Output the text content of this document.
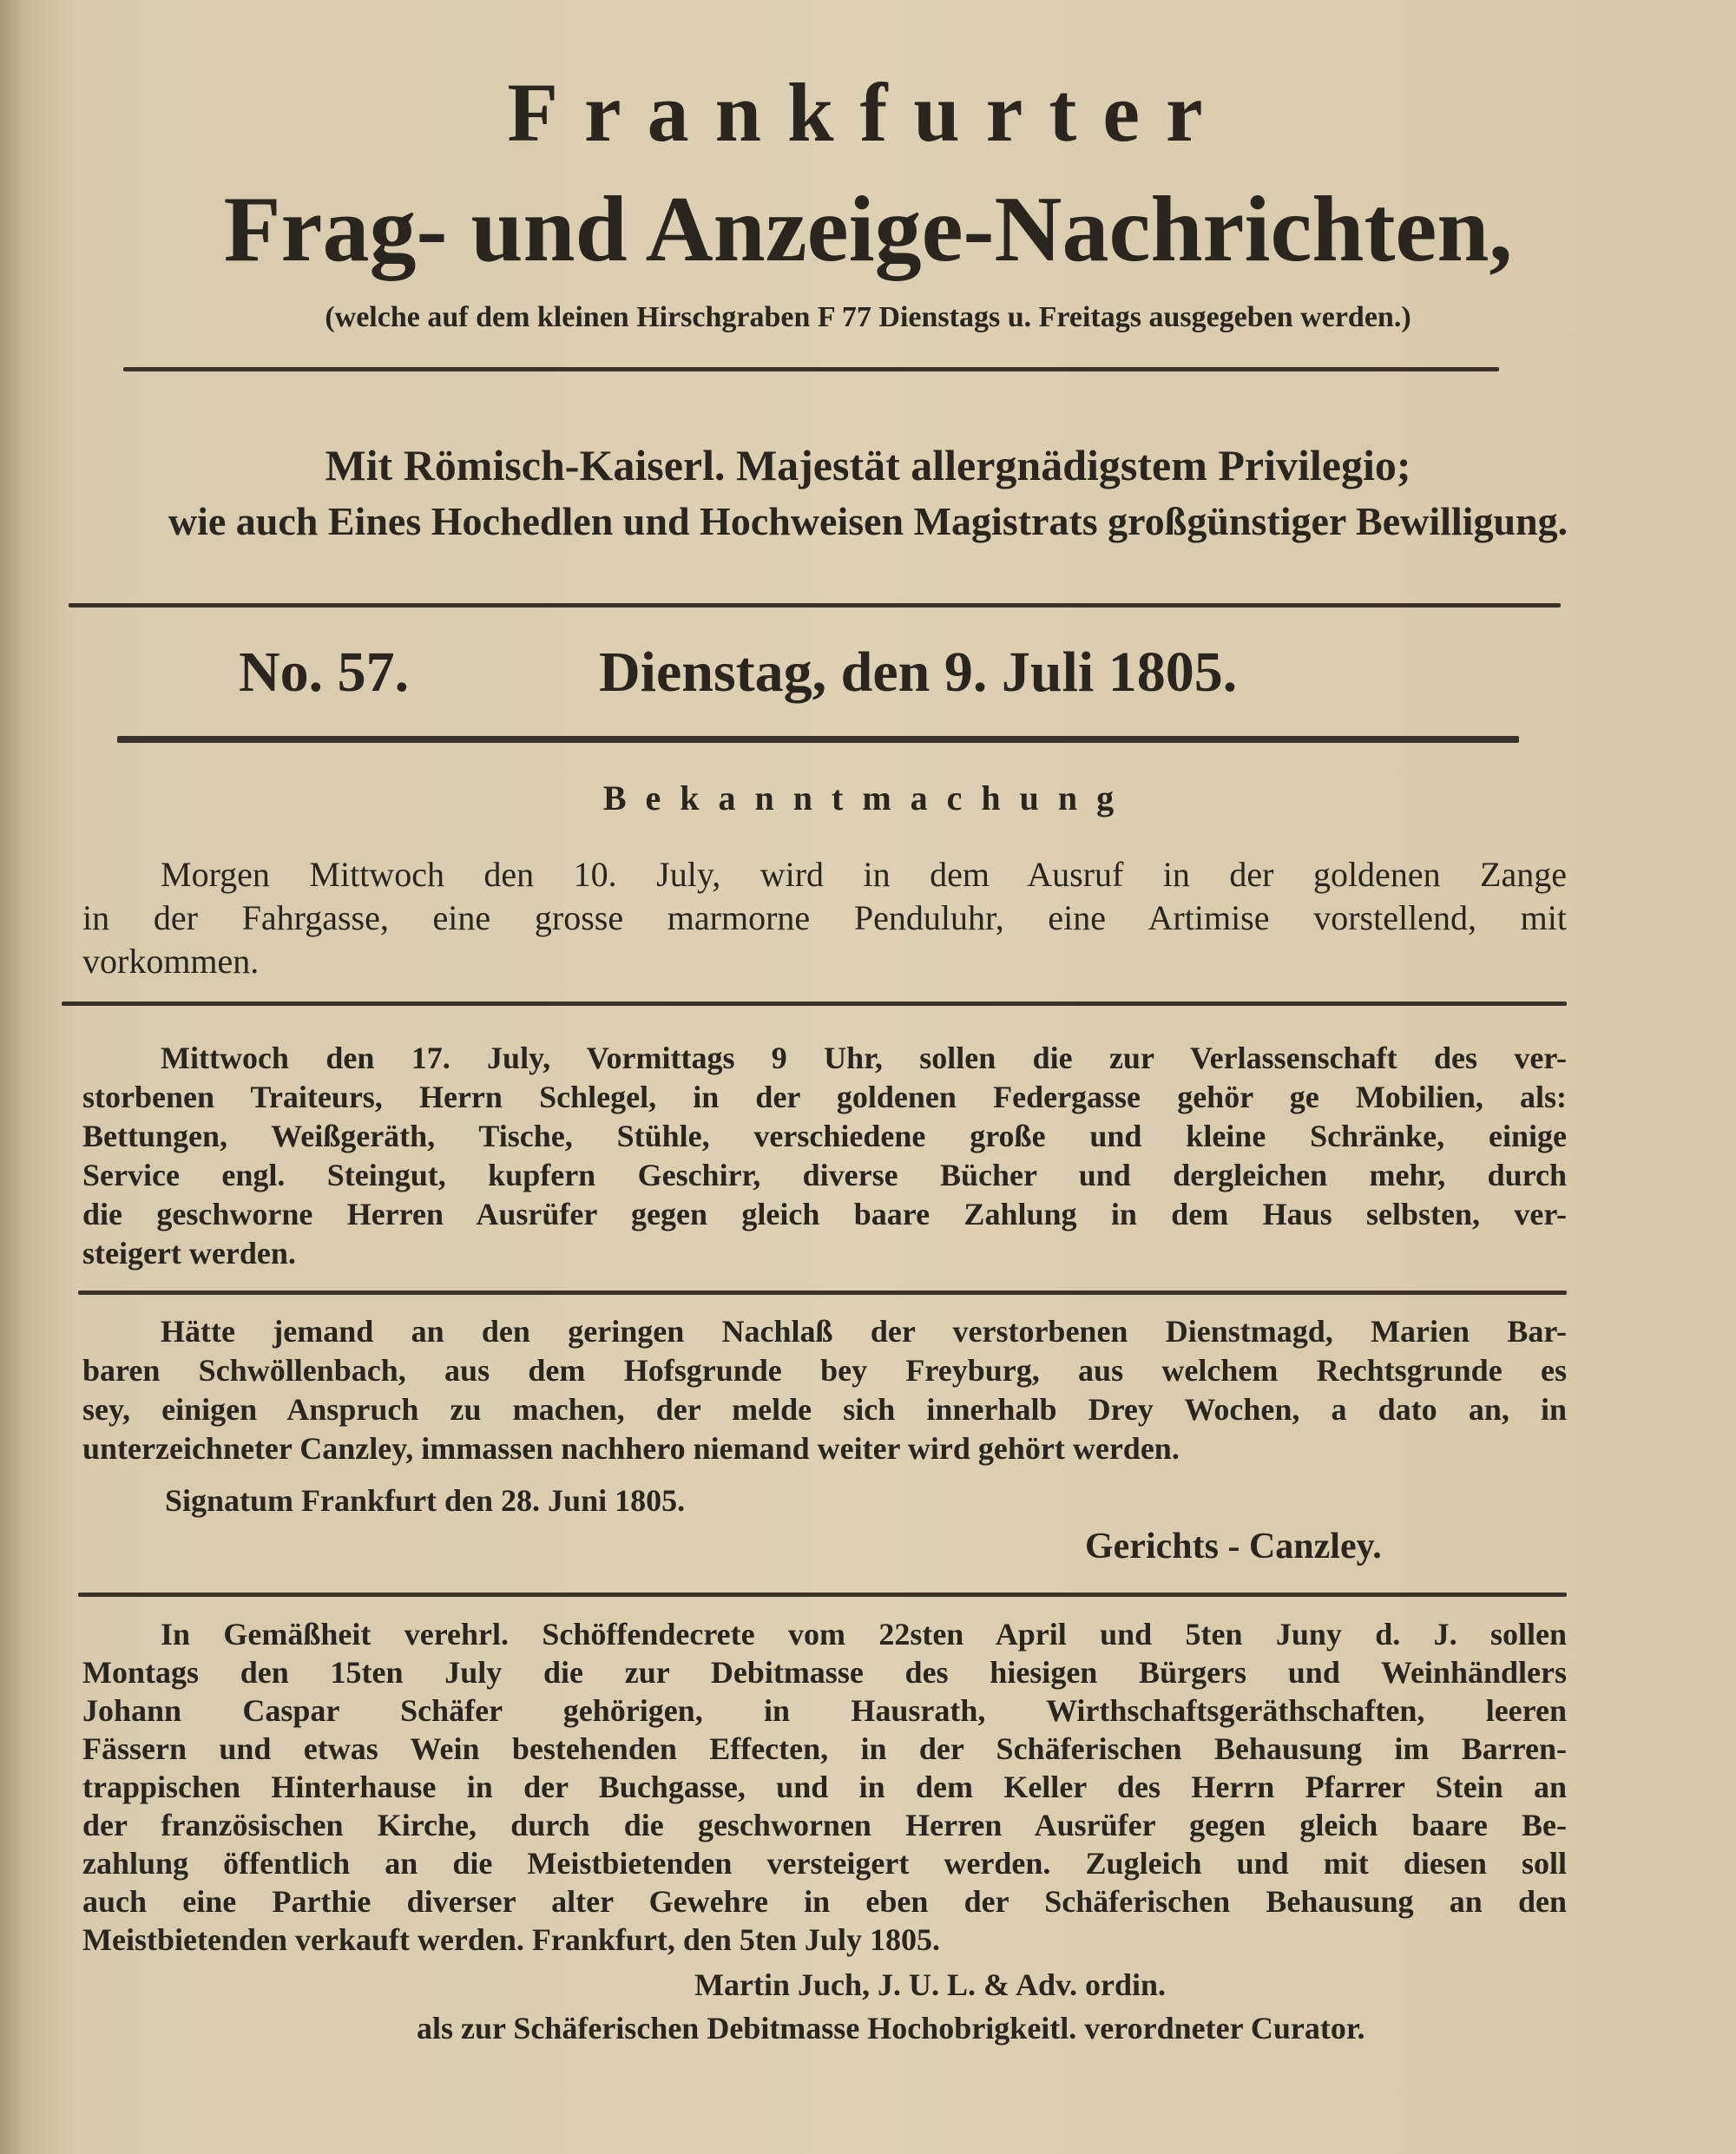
Frankfurter
Frag- und Anzeige-Nachrichten,
(welche auf dem kleinen Hirschgraben F 77 Dienstags u. Freitags ausgegeben werden.)
Mit Römisch-Kaiserl. Majestät allergnädigstem Privilegio;
wie auch Eines Hochedlen und Hochweisen Magistrats großgünstiger Bewilligung.
No. 57.	Dienstag, den 9. Juli 1805.
Bekanntmachung
Morgen Mittwoch den 10. July, wird in dem Ausruf in der goldenen Zange
in der Fahrgasse, eine grosse marmorne Penduluhr, eine Artimise vorstellend, mit
vorkommen.
Mittwoch den 17. July, Vormittags 9 Uhr, sollen die zur Verlassenschaft des ver-
storbenen Traiteurs, Herrn Schlegel, in der goldenen Federgasse gehör ge Mobilien, als:
Bettungen, Weißgeräth, Tische, Stühle, verschiedene große und kleine Schränke, einige
Service engl. Steingut, kupfern Geschirr, diverse Bücher und dergleichen mehr, durch
die geschworne Herren Ausrüfer gegen gleich baare Zahlung in dem Haus selbsten, ver-
steigert werden.
Hätte jemand an den geringen Nachlaß der verstorbenen Dienstmagd, Marien Bar-
baren Schwöllenbach, aus dem Hofsgrunde bey Freyburg, aus welchem Rechtsgrunde es
sey, einigen Anspruch zu machen, der melde sich innerhalb Drey Wochen, a dato an, in
unterzeichneter Canzley, immassen nachhero niemand weiter wird gehört werden.
Signatum Frankfurt den 28. Juni 1805.
Gerichts - Canzley.
In Gemäßheit verehrl. Schöffendecrete vom 22sten April und 5ten Juny d. J. sollen
Montags den 15ten July die zur Debitmasse des hiesigen Bürgers und Weinhändlers
Johann Caspar Schäfer gehörigen, in Hausrath, Wirthschaftsgeräthschaften, leeren
Fässern und etwas Wein bestehenden Effecten, in der Schäferischen Behausung im Barren-
trappischen Hinterhause in der Buchgasse, und in dem Keller des Herrn Pfarrer Stein an
der französischen Kirche, durch die geschwornen Herren Ausrüfer gegen gleich baare Be-
zahlung öffentlich an die Meistbietenden versteigert werden. Zugleich und mit diesen soll
auch eine Parthie diverser alter Gewehre in eben der Schäferischen Behausung an den
Meistbietenden verkauft werden. Frankfurt, den 5ten July 1805.
Martin Juch, J. U. L. & Adv. ordin.
als zur Schäferischen Debitmasse Hochobrigkeitl. verordneter Curator.
